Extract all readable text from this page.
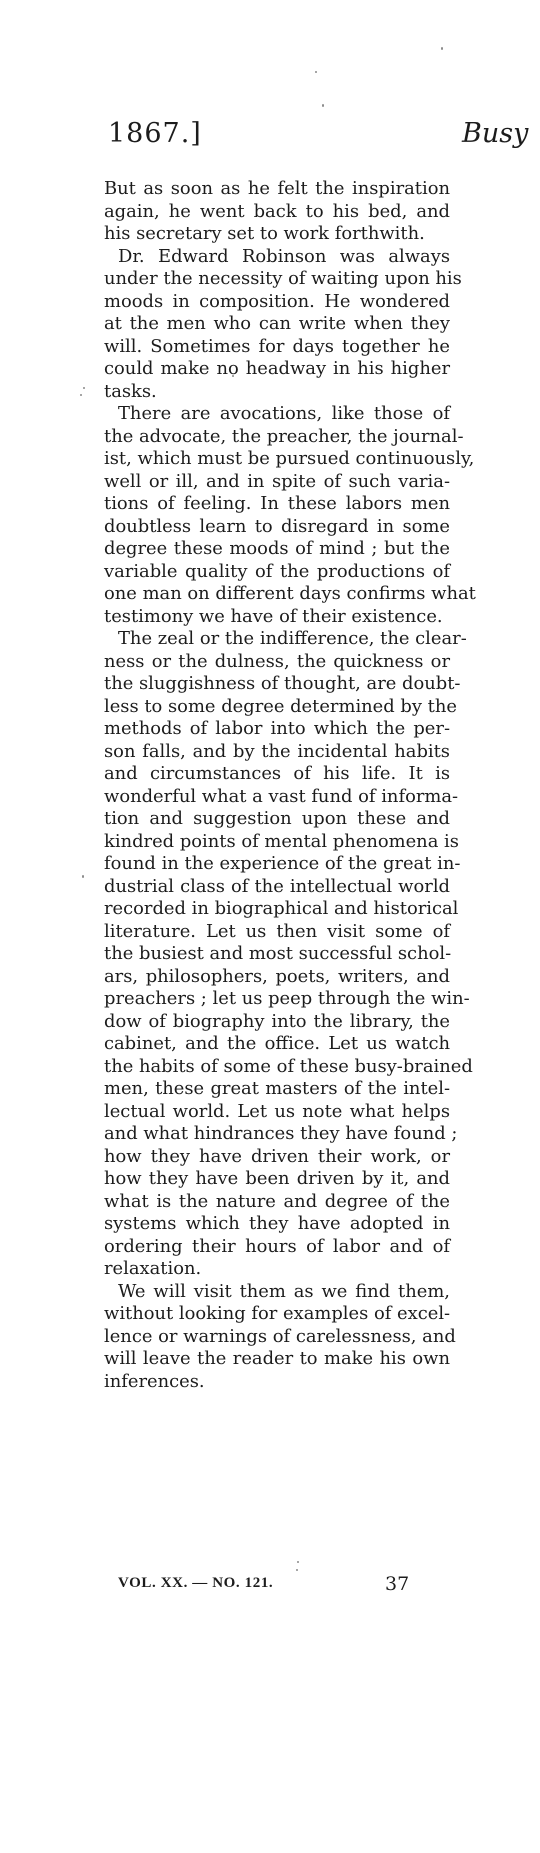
1867.]	Busy
But as soon as he felt the inspiration
again, he went back to his bed, and
his secretary set to work forthwith.
Dr. Edward Robinson was always
under the necessity of waiting upon his
moods in composition. He wondered
at the men who can write when they
will. Sometimes for days together he
could make no headway in his higher
tasks.
There are avocations, like those of
the advocate, the preacher, the journal-
ist, which must be pursued continuously,
well or ill, and in spite of such varia-
tions of feeling. In these labors men
doubtless learn to disregard in some
degree these moods of mind ; but the
variable quality of the productions of
one man on different days confirms what
testimony we have of their existence.
The zeal or the indifference, the clear-
ness or the dulness, the quickness or
the sluggishness of thought, are doubt-
less to some degree determined by the
methods of labor into which the per-
son falls, and by the incidental habits
and circumstances of his life. It is
wonderful what a vast fund of informa-
tion and suggestion upon these and
kindred points of mental phenomena is
found in the experience of the great in-
dustrial class of the intellectual world
recorded in biographical and historical
literature. Let us then visit some of
the busiest and most successful schol-
ars, philosophers, poets, writers, and
preachers ; let us peep through the win-
dow of biography into the library, the
cabinet, and the office. Let us watch
the habits of some of these busy-brained
men, these great masters of the intel-
lectual world. Let us note what helps
and what hindrances they have found ;
how they have driven their work, or
how they have been driven by it, and
what is the nature and degree of the
systems which they have adopted in
ordering their hours of labor and of
relaxation.
We will visit them as we find them,
without looking for examples of excel-
lence or warnings of carelessness, and
will leave the reader to make his own
inferences.
VOL. XX. — NO. 121.	37
